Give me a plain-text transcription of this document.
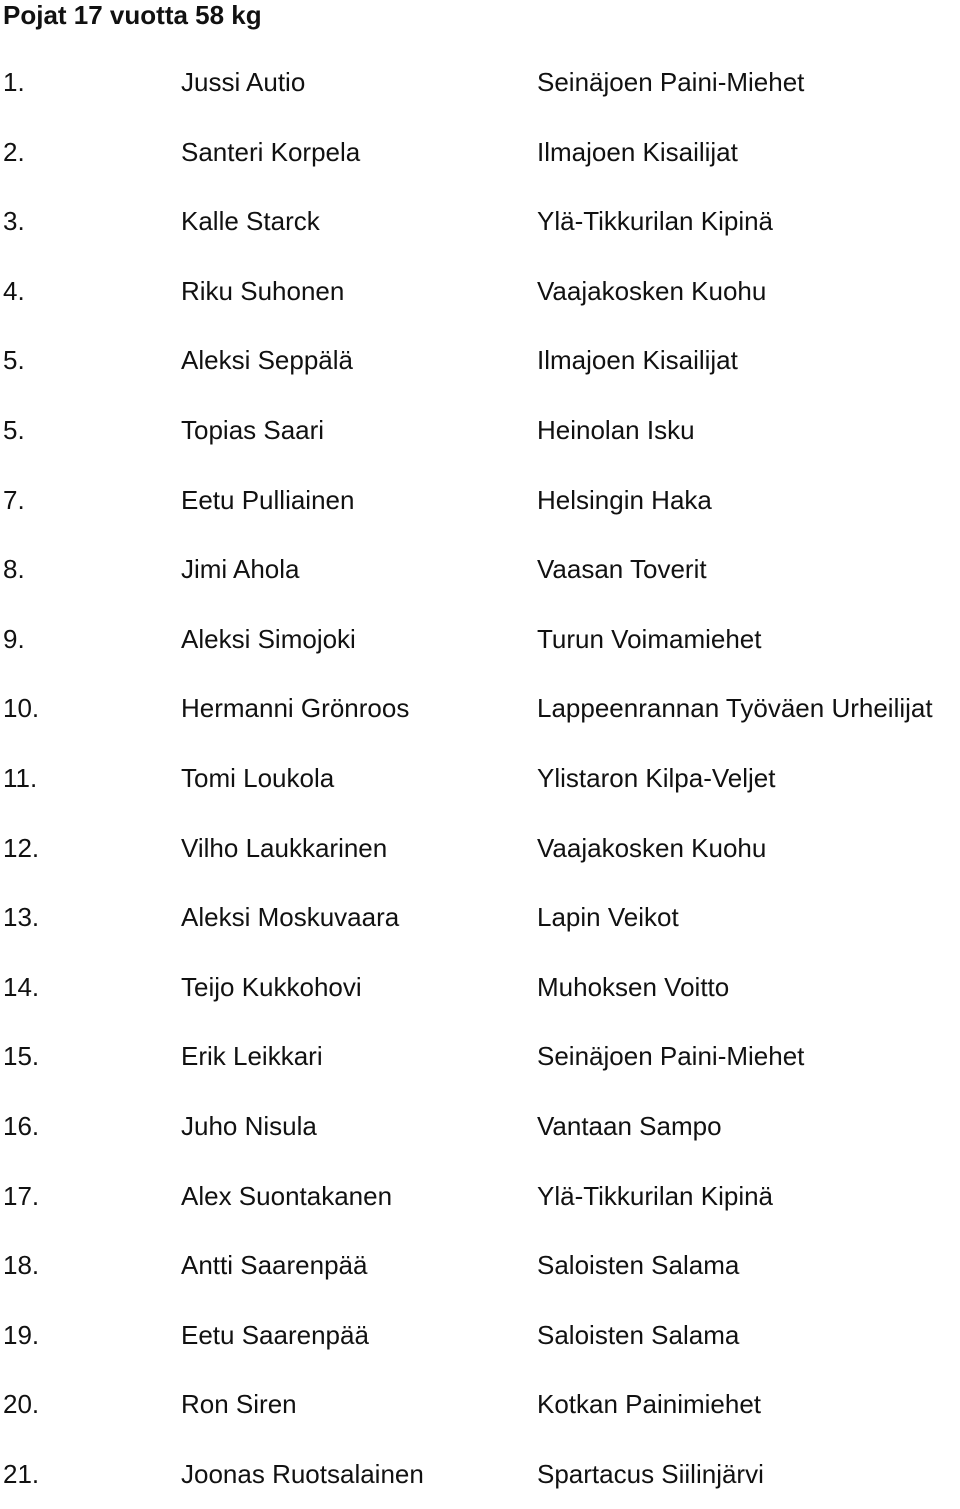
Pojat 17 vuotta 58 kg
1.	Jussi Autio	Seinäjoen Paini-Miehet
2.	Santeri Korpela	Ilmajoen Kisailijat
3.	Kalle Starck	Ylä-Tikkurilan Kipinä
4.	Riku Suhonen	Vaajakosken Kuohu
5.	Aleksi Seppälä	Ilmajoen Kisailijat
5.	Topias Saari	Heinolan Isku
7.	Eetu Pulliainen	Helsingin Haka
8.	Jimi Ahola	Vaasan Toverit
9.	Aleksi Simojoki	Turun Voimamiehet
10.	Hermanni Grönroos	Lappeenrannan Työväen Urheilijat
11.	Tomi Loukola	Ylistaron Kilpa-Veljet
12.	Vilho Laukkarinen	Vaajakosken Kuohu
13.	Aleksi Moskuvaara	Lapin Veikot
14.	Teijo Kukkohovi	Muhoksen Voitto
15.	Erik Leikkari	Seinäjoen Paini-Miehet
16.	Juho Nisula	Vantaan Sampo
17.	Alex Suontakanen	Ylä-Tikkurilan Kipinä
18.	Antti Saarenpää	Saloisten Salama
19.	Eetu Saarenpää	Saloisten Salama
20.	Ron Siren	Kotkan Painimiehet
21.	Joonas Ruotsalainen	Spartacus Siilinjärvi
